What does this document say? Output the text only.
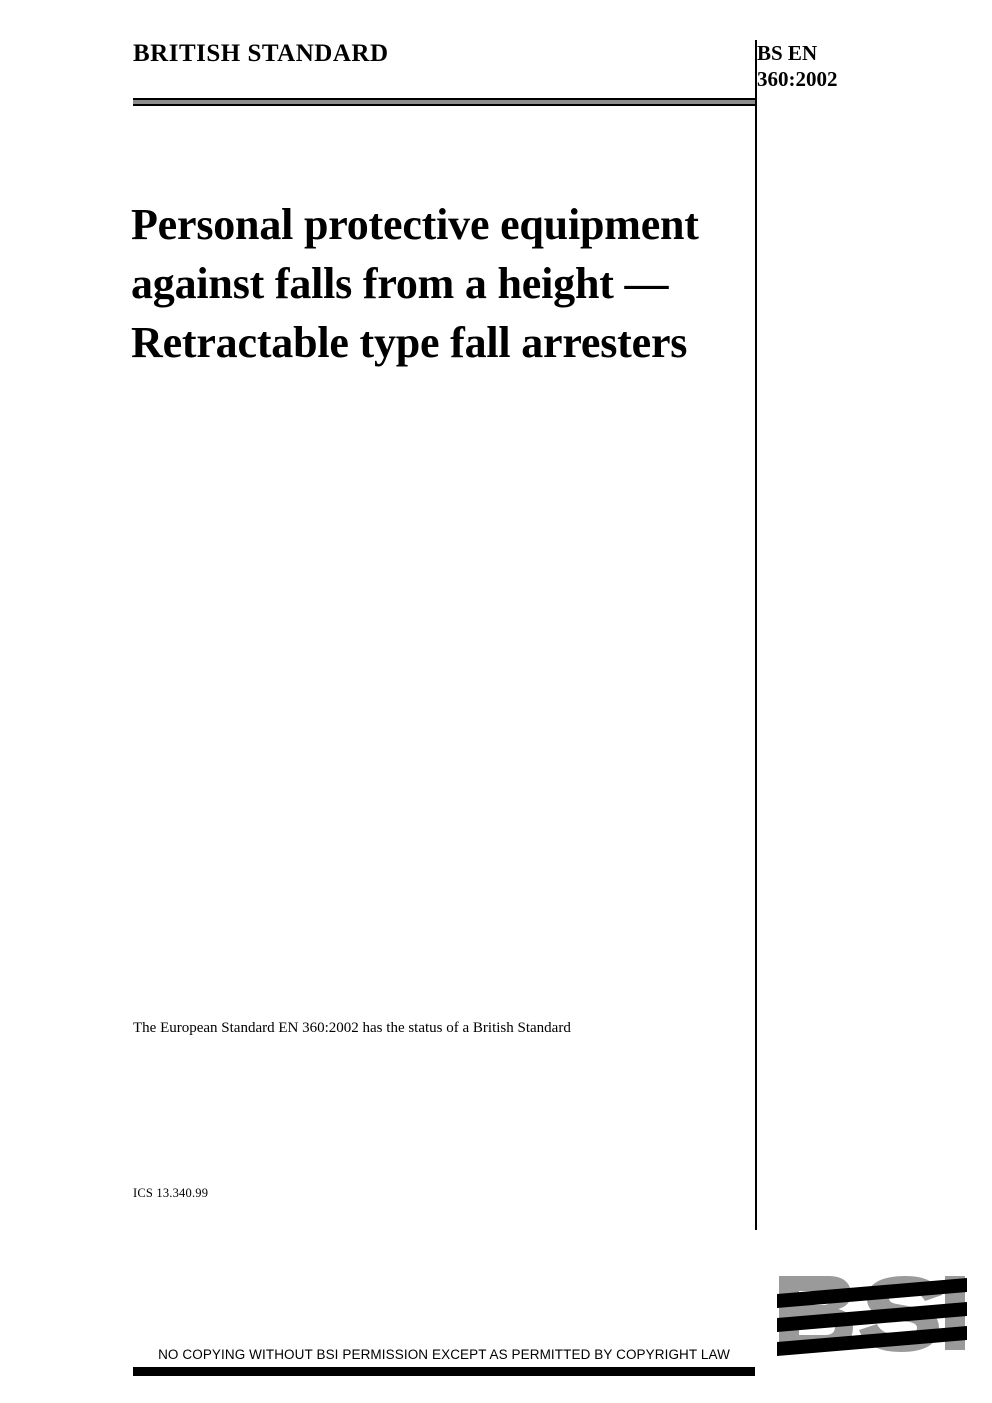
BRITISH STANDARD	BS EN 360:2002
Personal protective equipment against falls from a height — Retractable type fall arresters
The European Standard EN 360:2002 has the status of a British Standard
ICS 13.340.99
NO COPYING WITHOUT BSI PERMISSION EXCEPT AS PERMITTED BY COPYRIGHT LAW
